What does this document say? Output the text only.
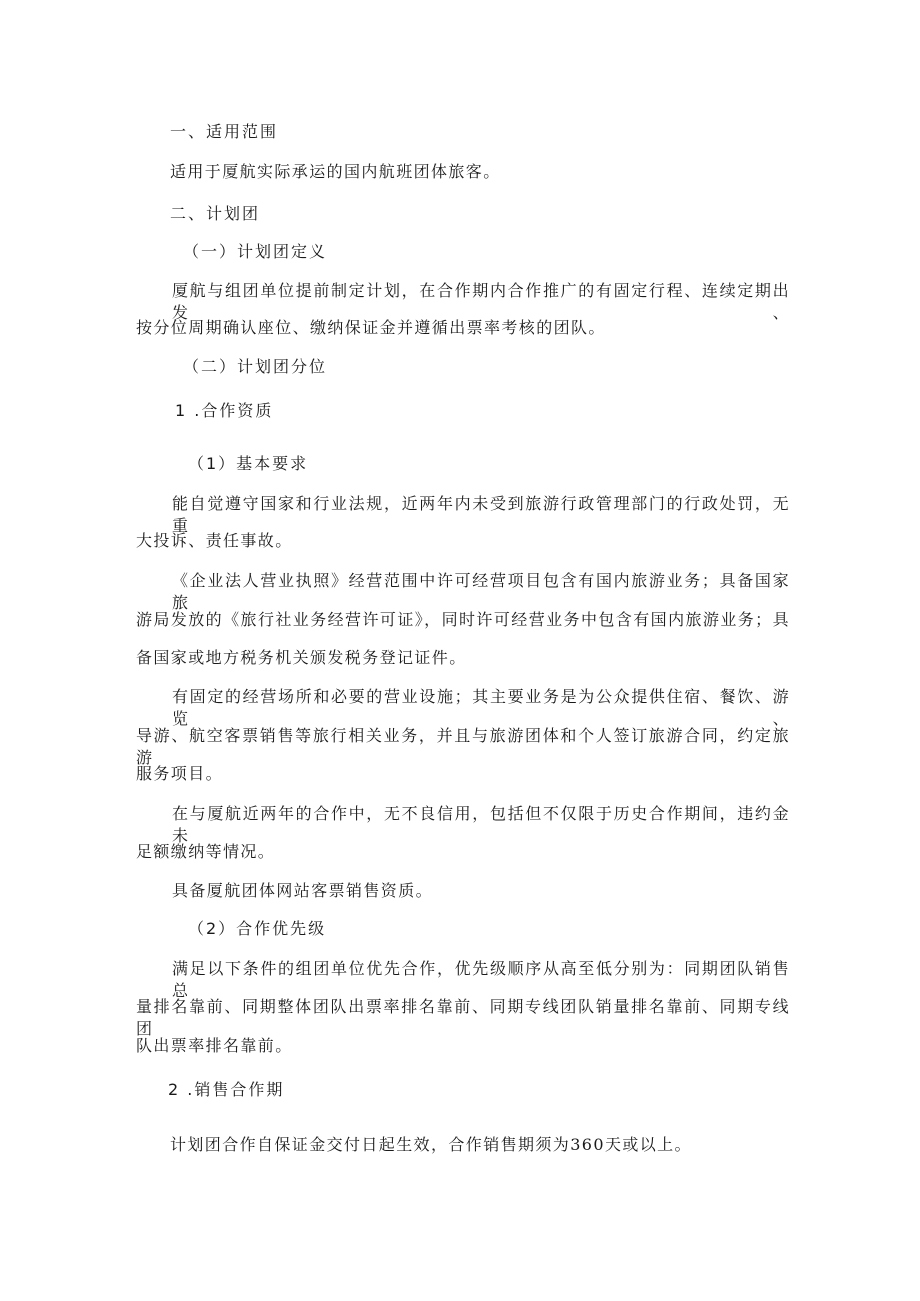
一、适用范围
适用于厦航实际承运的国内航班团体旅客。
二、计划团
（一）计划团定义
厦航与组团单位提前制定计划，在合作期内合作推广的有固定行程、连续定期出发、
按分位周期确认座位、缴纳保证金并遵循出票率考核的团队。
（二）计划团分位
1 .合作资质
（1）基本要求
能自觉遵守国家和行业法规，近两年内未受到旅游行政管理部门的行政处罚，无重
大投诉、责任事故。
《企业法人营业执照》经营范围中许可经营项目包含有国内旅游业务；具备国家旅
游局发放的《旅行社业务经营许可证》，同时许可经营业务中包含有国内旅游业务；具
备国家或地方税务机关颁发税务登记证件。
有固定的经营场所和必要的营业设施；其主要业务是为公众提供住宿、餐饮、游览、
导游、航空客票销售等旅行相关业务，并且与旅游团体和个人签订旅游合同，约定旅游
服务项目。
在与厦航近两年的合作中，无不良信用，包括但不仅限于历史合作期间，违约金未
足额缴纳等情况。
具备厦航团体网站客票销售资质。
（2）合作优先级
满足以下条件的组团单位优先合作，优先级顺序从高至低分别为：同期团队销售总
量排名靠前、同期整体团队出票率排名靠前、同期专线团队销量排名靠前、同期专线团
队出票率排名靠前。
2 .销售合作期
计划团合作自保证金交付日起生效，合作销售期须为360天或以上。
